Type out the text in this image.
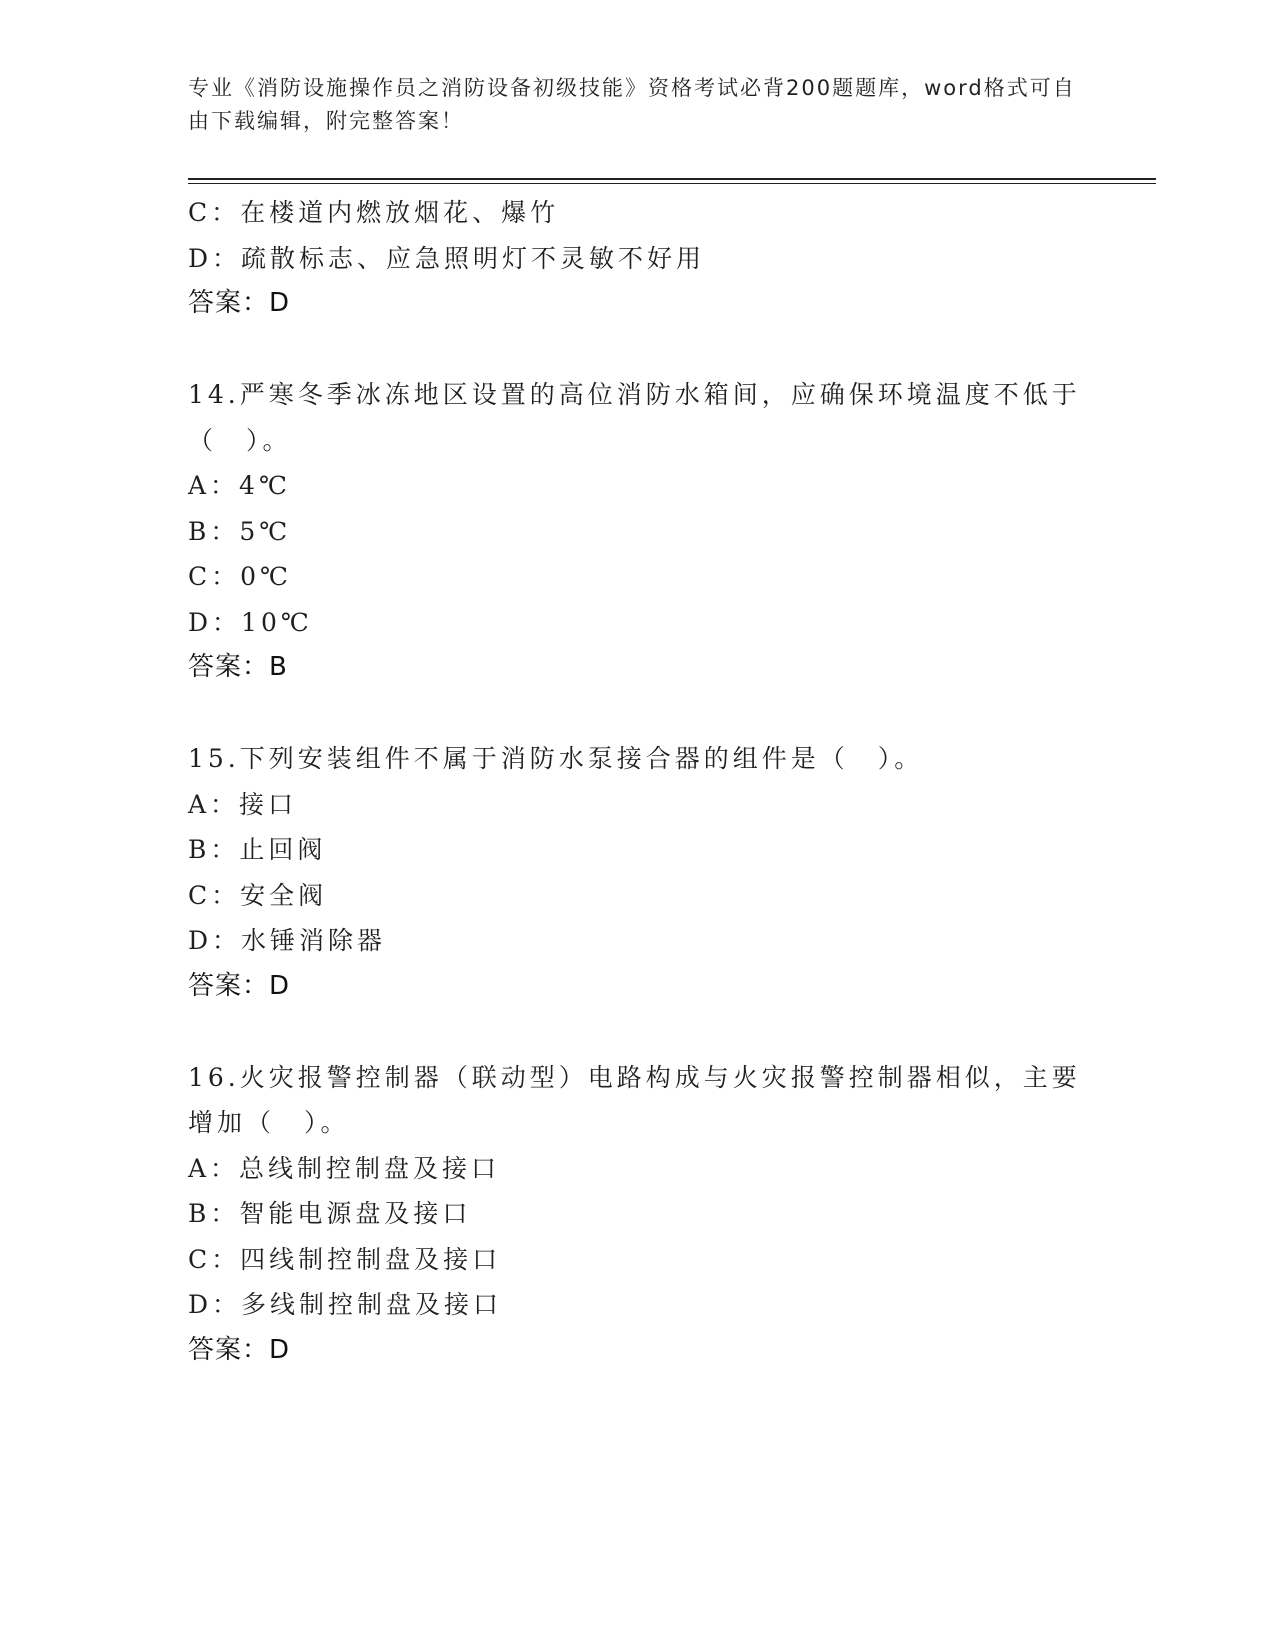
专业《消防设施操作员之消防设备初级技能》资格考试必背200题题库，word格式可自由下载编辑，附完整答案！
C：在楼道内燃放烟花、爆竹
D：疏散标志、应急照明灯不灵敏不好用
答案：D
14.严寒冬季冰冻地区设置的高位消防水箱间，应确保环境温度不低于（　）。
A：4℃
B：5℃
C：0℃
D：10℃
答案：B
15.下列安装组件不属于消防水泵接合器的组件是（　）。
A：接口
B：止回阀
C：安全阀
D：水锤消除器
答案：D
16.火灾报警控制器（联动型）电路构成与火灾报警控制器相似，主要增加（　）。
A：总线制控制盘及接口
B：智能电源盘及接口
C：四线制控制盘及接口
D：多线制控制盘及接口
答案：D
